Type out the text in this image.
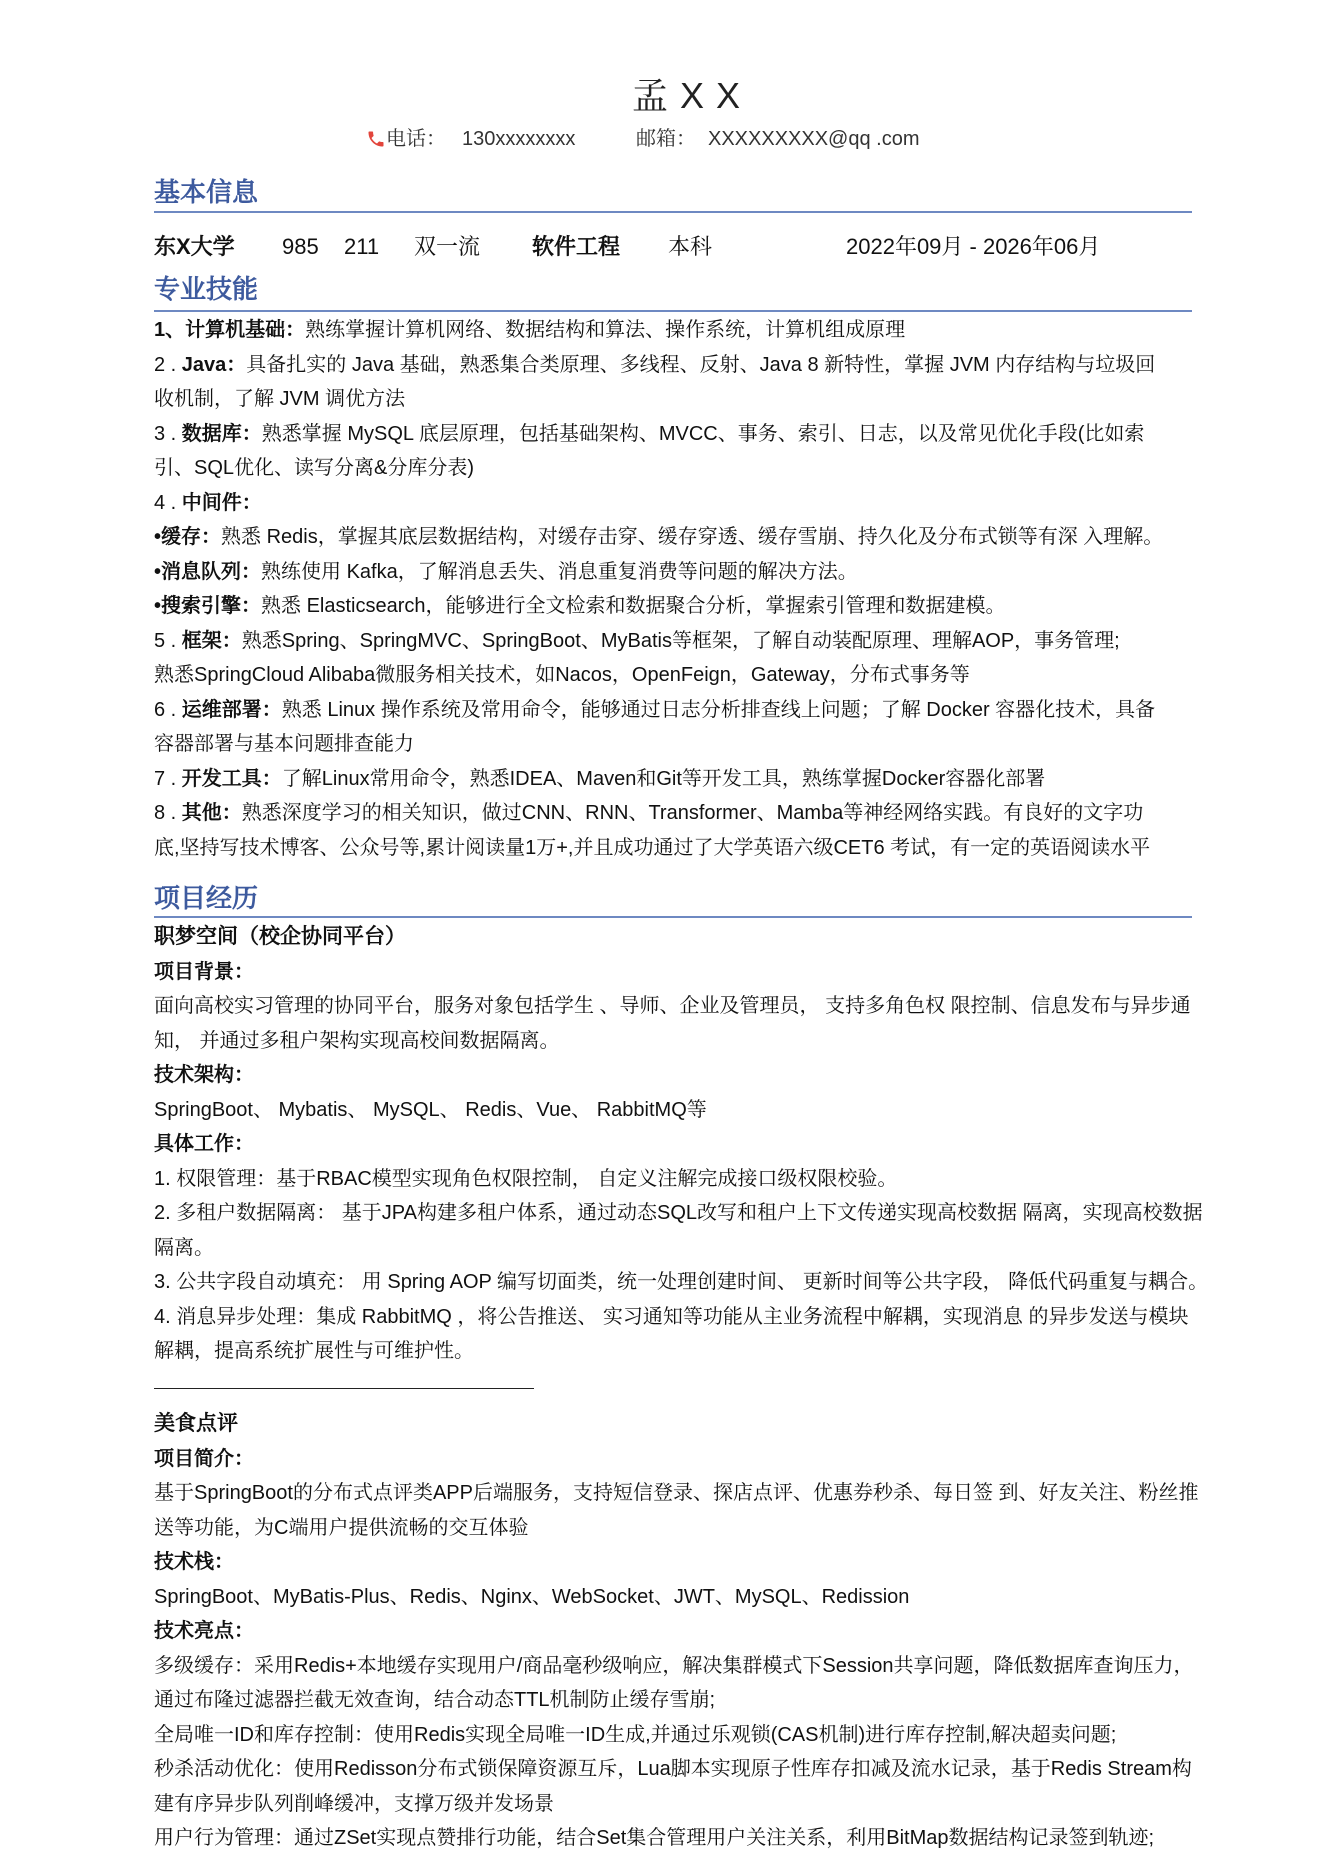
孟 X X
电话： 130xxxxxxxx	邮箱： XXXXXXXXX@qq .com
基本信息
东X大学 985 211 双一流 软件工程 本科	2022年09月 - 2026年06月
专业技能
1、计算机基础：熟练掌握计算机网络、数据结构和算法、操作系统，计算机组成原理
2 . Java：具备扎实的 Java 基础，熟悉集合类原理、多线程、反射、Java 8 新特性，掌握 JVM 内存结构与垃圾回
收机制，了解 JVM 调优方法
3 . 数据库：熟悉掌握 MySQL 底层原理，包括基础架构、MVCC、事务、索引、日志，以及常见优化手段(比如索
引、SQL优化、读写分离&分库分表)
4 . 中间件：
•缓存：熟悉 Redis，掌握其底层数据结构，对缓存击穿、缓存穿透、缓存雪崩、持久化及分布式锁等有深 入理解。
•消息队列：熟练使用 Kafka，了解消息丢失、消息重复消费等问题的解决方法。
•搜索引擎：熟悉 Elasticsearch，能够进行全文检索和数据聚合分析，掌握索引管理和数据建模。
5 . 框架：熟悉Spring、SpringMVC、SpringBoot、MyBatis等框架，了解自动装配原理、理解AOP，事务管理;
熟悉SpringCloud Alibaba微服务相关技术，如Nacos，OpenFeign，Gateway，分布式事务等
6 . 运维部署：熟悉 Linux 操作系统及常用命令，能够通过日志分析排查线上问题；了解 Docker 容器化技术，具备
容器部署与基本问题排查能力
7 . 开发工具：了解Linux常用命令，熟悉IDEA、Maven和Git等开发工具，熟练掌握Docker容器化部署
8 . 其他：熟悉深度学习的相关知识，做过CNN、RNN、Transformer、Mamba等神经网络实践。有良好的文字功
底,坚持写技术博客、公众号等,累计阅读量1万+,并且成功通过了大学英语六级CET6 考试，有一定的英语阅读水平
项目经历
职梦空间（校企协同平台）
项目背景：
面向高校实习管理的协同平台，服务对象包括学生 、导师、企业及管理员， 支持多角色权 限控制、信息发布与异步通
知， 并通过多租户架构实现高校间数据隔离。
技术架构：
SpringBoot、 Mybatis、 MySQL、 Redis、Vue、 RabbitMQ等
具体工作：
1. 权限管理：基于RBAC模型实现角色权限控制， 自定义注解完成接口级权限校验。
2. 多租户数据隔离： 基于JPA构建多租户体系，通过动态SQL改写和租户上下文传递实现高校数据 隔离，实现高校数据
隔离。
3. 公共字段自动填充： 用 Spring AOP 编写切面类，统一处理创建时间、 更新时间等公共字段， 降低代码重复与耦合。
4. 消息异步处理：集成 RabbitMQ ，将公告推送、 实习通知等功能从主业务流程中解耦，实现消息 的异步发送与模块
解耦，提高系统扩展性与可维护性。
美食点评
项目简介：
基于SpringBoot的分布式点评类APP后端服务，支持短信登录、探店点评、优惠券秒杀、每日签 到、好友关注、粉丝推
送等功能，为C端用户提供流畅的交互体验
技术栈：
SpringBoot、MyBatis-Plus、Redis、Nginx、WebSocket、JWT、MySQL、Redission
技术亮点：
多级缓存：采用Redis+本地缓存实现用户/商品毫秒级响应，解决集群模式下Session共享问题，降低数据库查询压力，
通过布隆过滤器拦截无效查询，结合动态TTL机制防止缓存雪崩;
全局唯一ID和库存控制：使用Redis实现全局唯一ID生成,并通过乐观锁(CAS机制)进行库存控制,解决超卖问题;
秒杀活动优化：使用Redisson分布式锁保障资源互斥，Lua脚本实现原子性库存扣减及流水记录，基于Redis Stream构
建有序异步队列削峰缓冲，支撑万级并发场景
用户行为管理：通过ZSet实现点赞排行功能，结合Set集合管理用户关注关系，利用BitMap数据结构记录签到轨迹;
